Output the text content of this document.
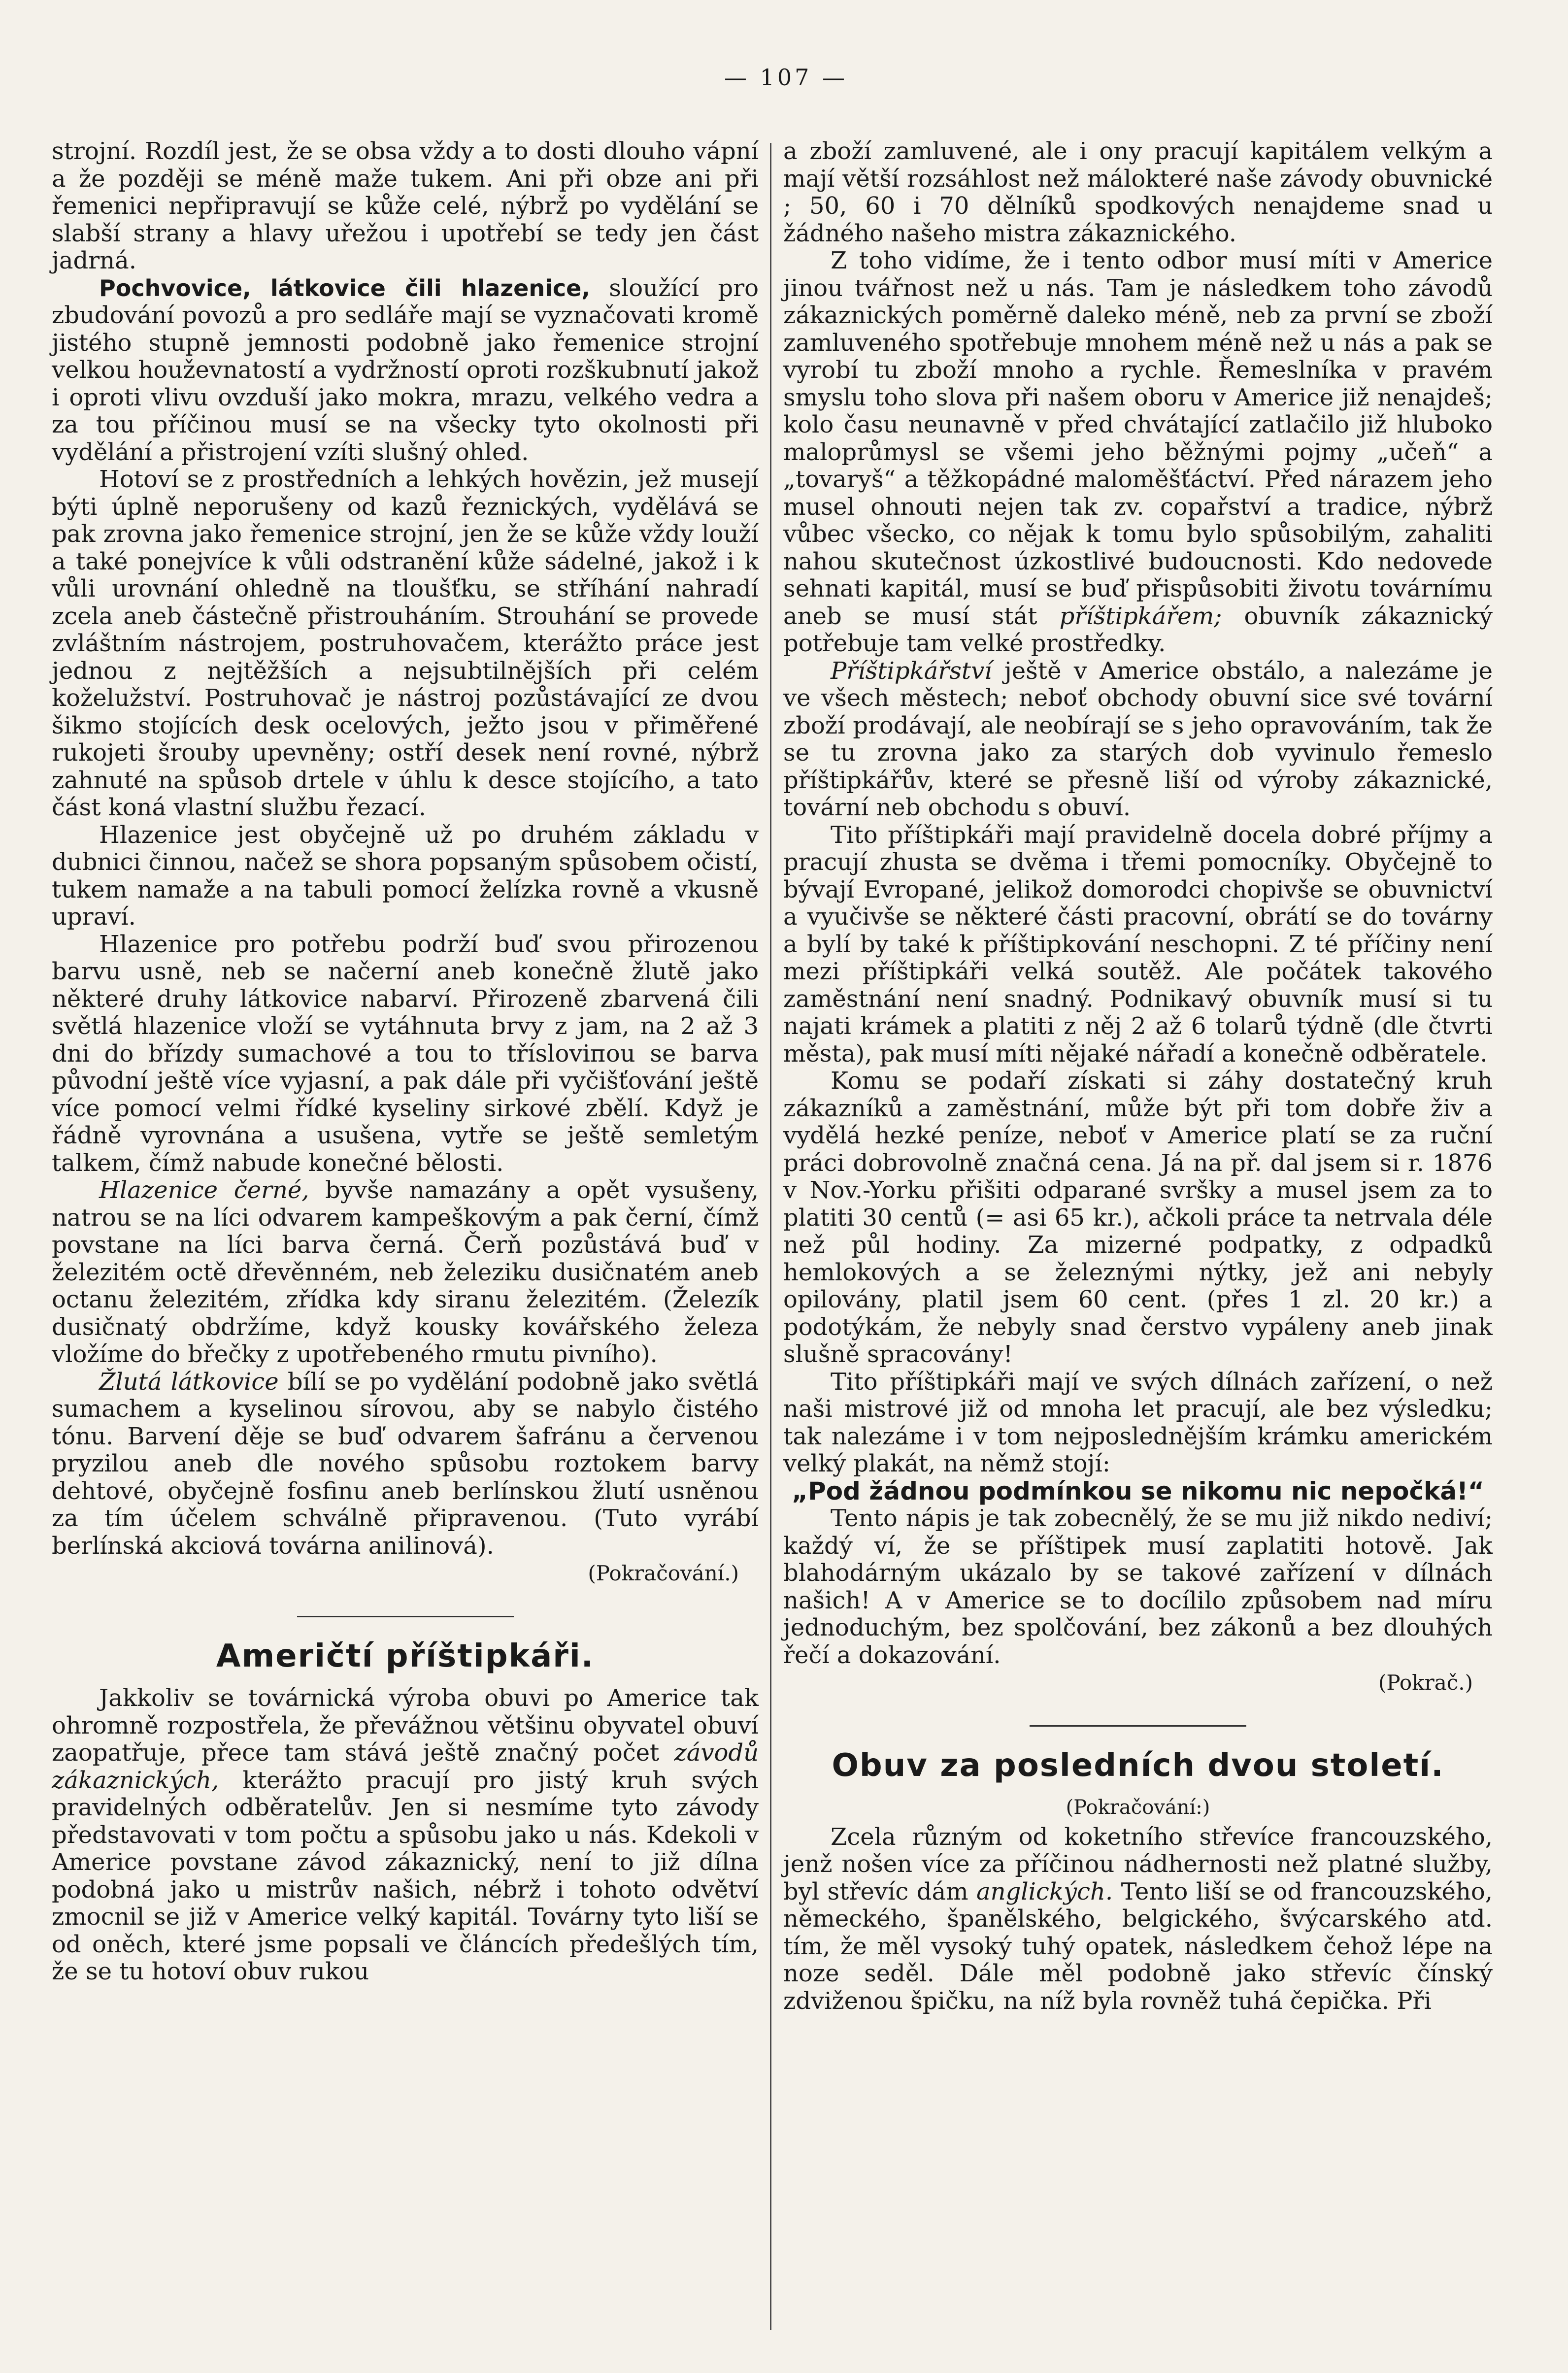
— 107 —

strojní. Rozdíl jest, že se obsa vždy a to dosti dlouho vápní a že později se méně maže tukem. Ani při obze ani při řemenici nepřipravují se kůže celé, nýbrž po vydělání se slabší strany a hlavy uřežou i upotřebí se tedy jen část jadrná.

Pochvovice, látkovice čili hlazenice, sloužící pro zbudování povozů a pro sedláře mají se vyznačovati kromě jistého stupně jemnosti podobně jako řemenice strojní velkou houževnatostí a vydržností oproti rozškubnutí jakož i oproti vlivu ovzduší jako mokra, mrazu, velkého vedra a za tou příčinou musí se na všecky tyto okolnosti při vydělání a přistrojení vzíti slušný ohled.

Hotoví se z prostředních a lehkých hovězin, jež musejí býti úplně neporušeny od kazů řeznických, vydělává se pak zrovna jako řemenice strojní, jen že se kůže vždy louží a také ponejvíce k vůli odstranění kůže sádelné, jakož i k vůli urovnání ohledně na tloušťku, se stříhání nahradí zcela aneb částečně přistrouháním. Strouhání se provede zvláštním nástrojem, postruhovačem, kterážto práce jest jednou z nejtěžších a nejsubtilnějších při celém koželužství. Postruhovač je nástroj pozůstávající ze dvou šikmo stojících desk ocelových, ježto jsou v přiměřené rukojeti šrouby upevněny; ostří desek není rovné, nýbrž zahnuté na spůsob drtele v úhlu k desce stojícího, a tato část koná vlastní službu řezací.

Hlazenice jest obyčejně už po druhém základu v dubnici činnou, načež se shora popsaným spůsobem očistí, tukem namaže a na tabuli pomocí želízka rovně a vkusně upraví.

Hlazenice pro potřebu podrží buď svou přirozenou barvu usně, neb se načerní aneb konečně žlutě jako některé druhy látkovice nabarví. Přirozeně zbarvená čili světlá hlazenice vloží se vytáhnuta brvy z jam, na 2 až 3 dni do břízdy sumachové a tou to třísloviпou se barva původní ještě více vyjasní, a pak dále při vyčišťování ještě více pomocí velmi řídké kyseliny sirkové zbělí. Když je řádně vyrovnána a usušena, vytře se ještě semletým talkem, čímž nabude konečné bělosti.

Hlazenice černé, byvše namazány a opět vysušeny, natrou se na líci odvarem kampeškovým a pak černí, čímž povstane na líci barva černá. Čerň pozůstává buď v železitém octě dřevěnném, neb železiku dusičnatém aneb octanu železitém, zřídka kdy siranu železitém. (Železík dusičnatý obdržíme, když kousky kovářského železa vložíme do břečky z upotřebeného rmutu pivního).

Žlutá látkovice bílí se po vydělání podobně jako světlá sumachem a kyselinou sírovou, aby se nabylo čistého tónu. Barvení děje se buď odvarem šafránu a červenou pryzilou aneb dle nového spůsobu roztokem barvy dehtové, obyčejně fosfinu aneb berlínskou žlutí usněnou za tím účelem schválně připravenou. (Tuto vyrábí berlínská akciová továrna anilinová).

(Pokračování.)

Američtí příštipkáři.

Jakkoliv se továrnická výroba obuvi po Americe tak ohromně rozpostřela, že převážnou většinu obyvatel obuví zaopatřuje, přece tam stává ještě značný počet závodů zákaznických, kterážto pracují pro jistý kruh svých pravidelných odběratelův. Jen si nesmíme tyto závody představovati v tom počtu a spůsobu jako u nás. Kdekoli v Americe povstane závod zákaznický, není to již dílna podobná jako u mistrův našich, nébrž i tohoto odvětví zmocnil se již v Americe velký kapitál. Továrny tyto liší se od oněch, které jsme popsali ve článcích předešlých tím, že se tu hotoví obuv rukou

a zboží zamluvené, ale i ony pracují kapitálem velkým a mají větší rozsáhlost než málokteré naše závody obuvnické ; 50, 60 i 70 dělníků spodkových nenajdeme snad u žádného našeho mistra zákaznického.

Z toho vidíme, že i tento odbor musí míti v Americe jinou tvářnost než u nás. Tam je následkem toho závodů zákaznických poměrně daleko méně, neb za první se zboží zamluveného spotřebuje mnohem méně než u nás a pak se vyrobí tu zboží mnoho a rychle. Řemeslníka v pravém smyslu toho slova při našem oboru v Americe již nenajdeš; kolo času neunavně v před chvátající zatlačilo již hluboko maloprůmysl se všemi jeho běžnými pojmy „učeň“ a „tovaryš“ a těžkopádné maloměšťáctví. Před nárazem jeho musel ohnouti nejen tak zv. copařství a tradice, nýbrž vůbec všecko, co nějak k tomu bylo spůsobilým, zahaliti nahou skutečnost úzkostlivé budoucnosti. Kdo nedovede sehnati kapitál, musí se buď přispůsobiti životu továrnímu aneb se musí stát příštipkářem; obuvník zákaznický potřebuje tam velké prostředky.

Příštipkářství ještě v Americe obstálo, a nalezáme je ve všech městech; neboť obchody obuvní sice své tovární zboží prodávají, ale neobírají se s jeho opravováním, tak že se tu zrovna jako za starých dob vyvinulo řemeslo příštipkářův, které se přesně liší od výroby zákaznické, tovární neb obchodu s obuví.

Tito příštipkáři mají pravidelně docela dobré příjmy a pracují zhusta se dvěma i třemi pomocníky. Obyčejně to bývají Evropané, jelikož domorodci chopivše se obuvnictví a vyučivše se některé části pracovní, obrátí se do továrny a bylí by také k příštipkování neschopni. Z té příčiny není mezi příštipkáři velká soutěž. Ale počátek takového zaměstnání není snadný. Podnikavý obuvník musí si tu najati krámek a platiti z něj 2 až 6 tolarů týdně (dle čtvrti města), pak musí míti nějaké nářadí a konečně odběratele.

Komu se podaří získati si záhy dostatečný kruh zákazníků a zaměstnání, může být při tom dobře živ a vydělá hezké peníze, neboť v Americe platí se za ruční práci dobrovolně značná cena. Já na př. dal jsem si r. 1876 v Nov.-Yorku přišiti odparané svršky a musel jsem za to platiti 30 centů (= asi 65 kr.), ačkoli práce ta netrvala déle než půl hodiny. Za mizerné podpatky, z odpadků hemlokových a se železnými nýtky, jež ani nebyly opilovány, platil jsem 60 cent. (přes 1 zl. 20 kr.) a podotýkám, že nebyly snad čerstvo vypáleny aneb jinak slušně spracovány!

Tito příštipkáři mají ve svých dílnách zařízení, o než naši mistrové již od mnoha let pracují, ale bez výsledku; tak nalezáme i v tom nejposlednějším krámku americkém velký plakát, na němž stojí:

„Pod žádnou podmínkou se nikomu nic nepočká!“

Tento nápis je tak zobecnělý, že se mu již nikdo nediví; každý ví, že se příštipek musí zaplatiti hotově. Jak blahodárným ukázalo by se takové zařízení v dílnách našich! A v Americe se to docílilo způsobem nad míru jednoduchým, bez spolčování, bez zákonů a bez dlouhých řečí a dokazování.

(Pokrač.)

Obuv za posledních dvou století.

(Pokračování:)

Zcela různým od koketního střevíce francouzského, jenž nošen více za příčinou nádhernosti než platné služby, byl střevíc dám anglických. Tento liší se od francouzského, německého, španělského, belgického, švýcarského atd. tím, že měl vysoký tuhý opatek, následkem čehož lépe na noze seděl. Dále měl podobně jako střevíc čínský zdviženou špičku, na níž byla rovněž tuhá čepička. Při
